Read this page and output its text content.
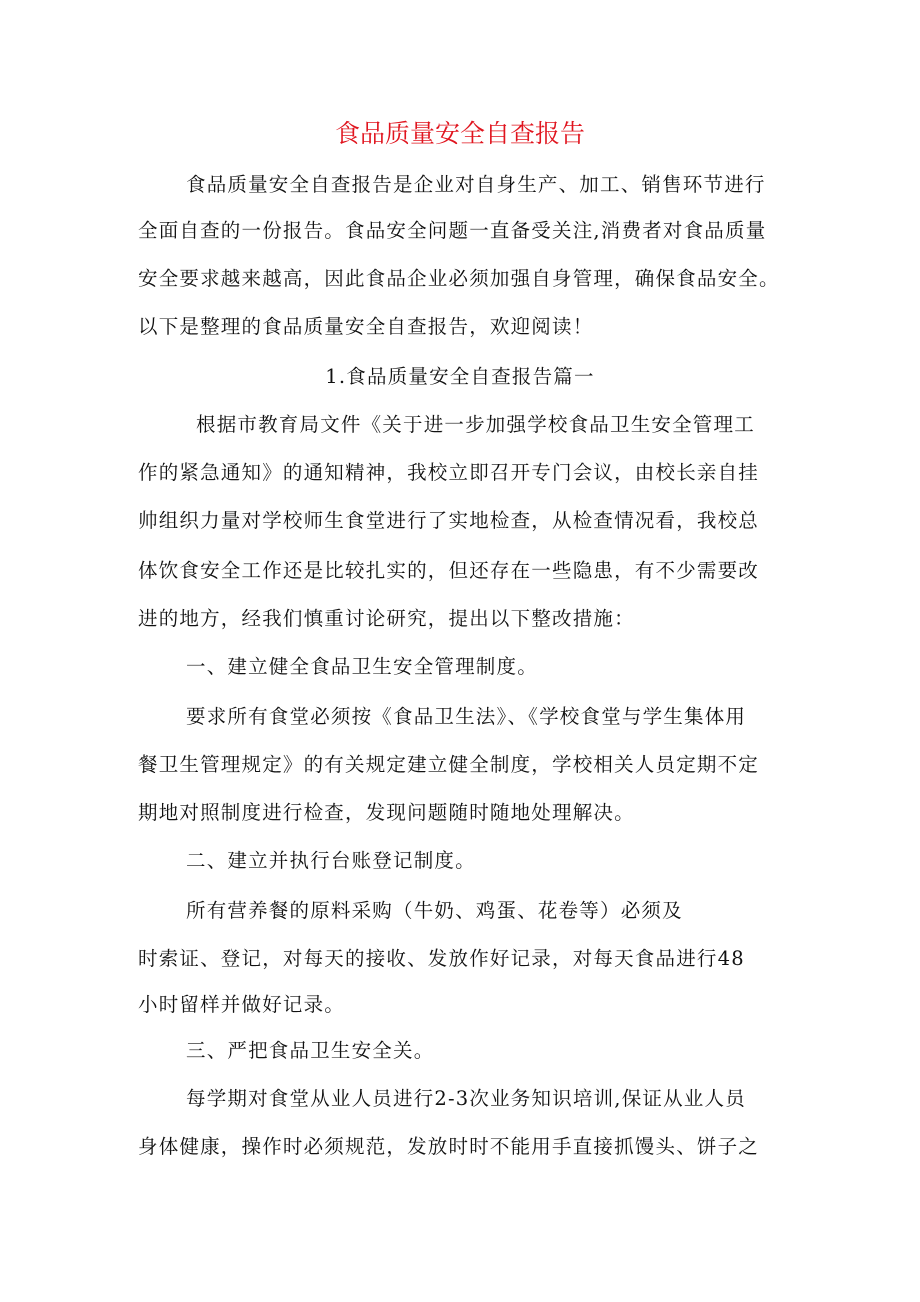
食品质量安全自查报告
食品质量安全自查报告是企业对自身生产、加工、销售环节进行
全面自查的一份报告。食品安全问题一直备受关注,消费者对食品质量
安全要求越来越高，因此食品企业必须加强自身管理，确保食品安全。
以下是整理的食品质量安全自查报告，欢迎阅读！
1.食品质量安全自查报告篇一
根据市教育局文件《关于进一步加强学校食品卫生安全管理工
作的紧急通知》的通知精神，我校立即召开专门会议，由校长亲自挂
帅组织力量对学校师生食堂进行了实地检查，从检查情况看，我校总
体饮食安全工作还是比较扎实的，但还存在一些隐患，有不少需要改
进的地方，经我们慎重讨论研究，提出以下整改措施：
一、建立健全食品卫生安全管理制度。
要求所有食堂必须按《食品卫生法》、《学校食堂与学生集体用
餐卫生管理规定》的有关规定建立健全制度，学校相关人员定期不定
期地对照制度进行检查，发现问题随时随地处理解决。
二、建立并执行台账登记制度。
所有营养餐的原料采购（牛奶、鸡蛋、花卷等）必须及
时索证、登记，对每天的接收、发放作好记录，对每天食品进行48
小时留样并做好记录。
三、严把食品卫生安全关。
每学期对食堂从业人员进行2-3次业务知识培训,保证从业人员
身体健康，操作时必须规范，发放时时不能用手直接抓馒头、饼子之
